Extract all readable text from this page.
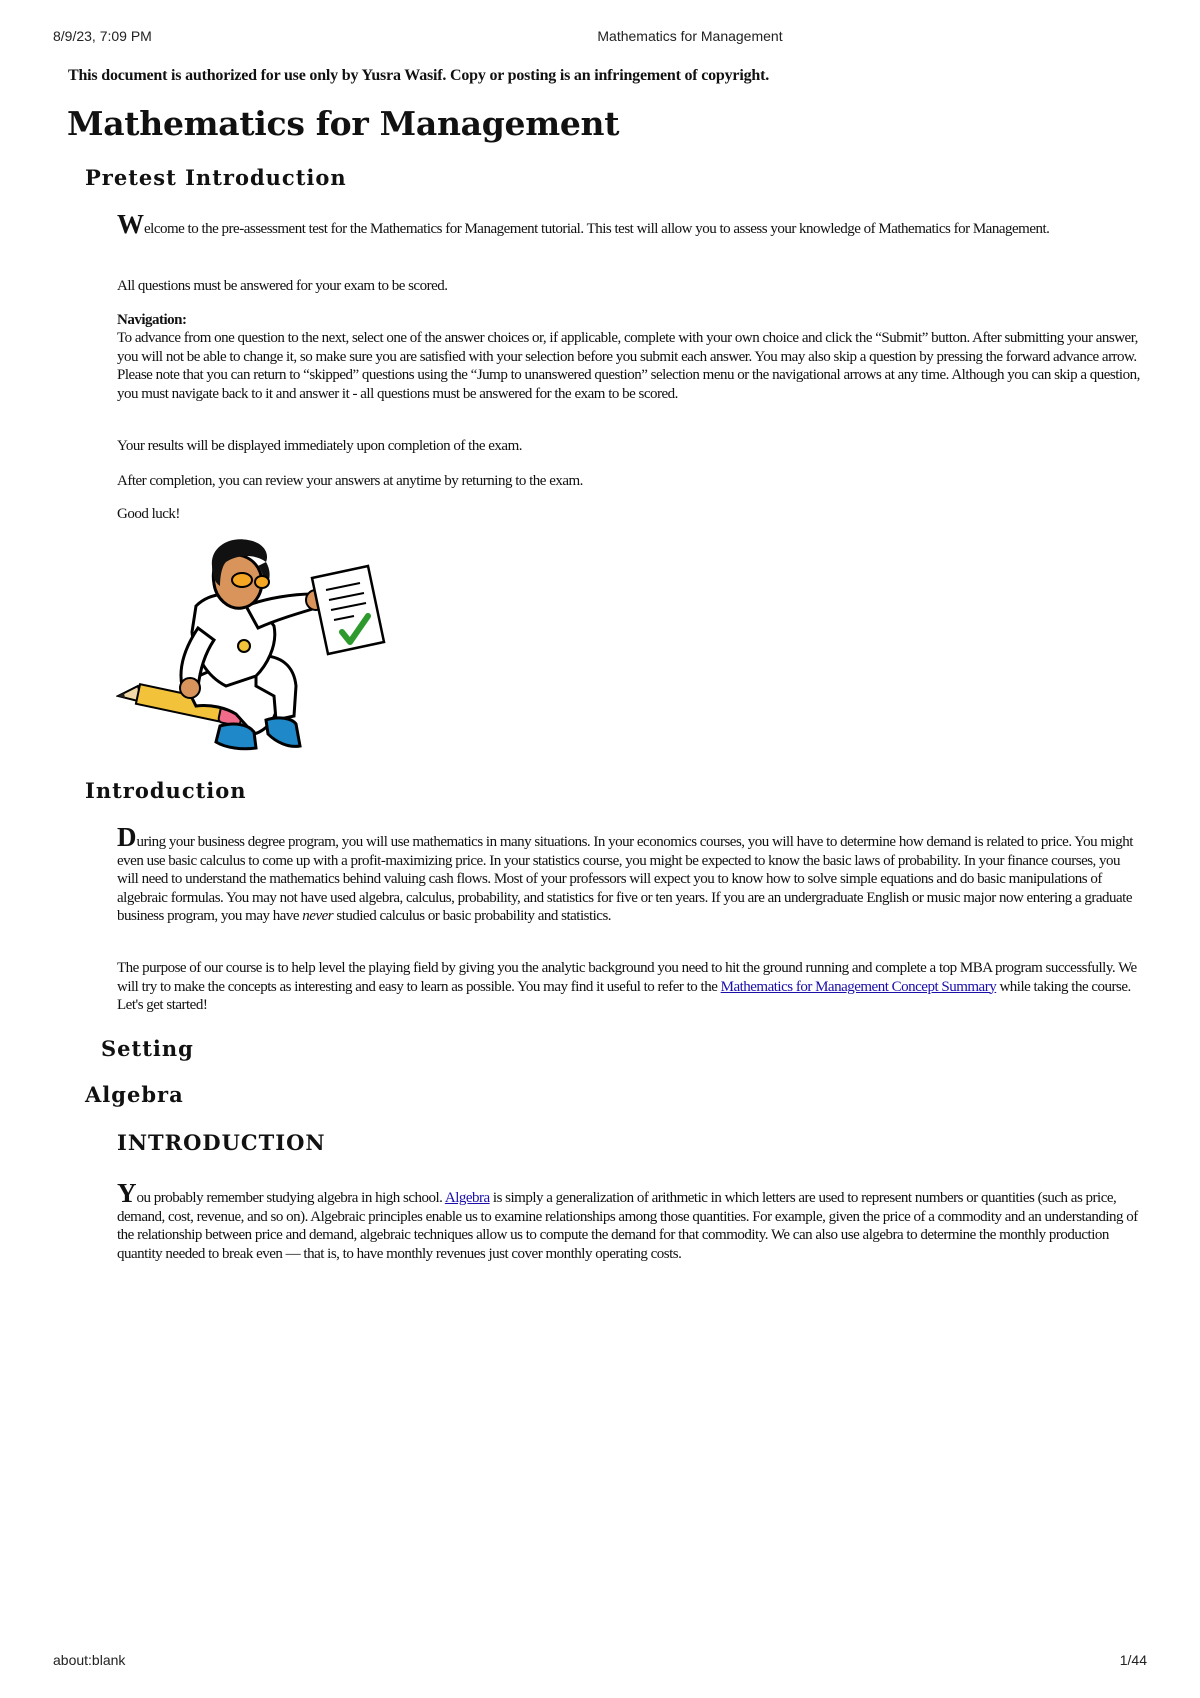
8/9/23, 7:09 PM	Mathematics for Management
This document is authorized for use only by Yusra Wasif. Copy or posting is an infringement of copyright.
Mathematics for Management
Pretest Introduction

Welcome to the pre-assessment test for the Mathematics for Management tutorial. This test will allow you to assess your knowledge of Mathematics for Management.

All questions must be answered for your exam to be scored.

Navigation:

To advance from one question to the next, select one of the answer choices or, if applicable, complete with your own choice and click the “Submit” button. After submitting your answer, you will not be able to change it, so make sure you are satisfied with your selection before you submit each answer. You may also skip a question by pressing the forward advance arrow. Please note that you can return to “skipped” questions using the “Jump to unanswered question” selection menu or the navigational arrows at any time. Although you can skip a question, you must navigate back to it and answer it - all questions must be answered for the exam to be scored.

Your results will be displayed immediately upon completion of the exam.

After completion, you can review your answers at anytime by returning to the exam.

Good luck!

Introduction

During your business degree program, you will use mathematics in many situations. In your economics courses, you will have to determine how demand is related to price. You might even use basic calculus to come up with a profit-maximizing price. In your statistics course, you might be expected to know the basic laws of probability. In your finance courses, you will need to understand the mathematics behind valuing cash flows. Most of your professors will expect you to know how to solve simple equations and do basic manipulations of algebraic formulas. You may not have used algebra, calculus, probability, and statistics for five or ten years. If you are an undergraduate English or music major now entering a graduate business program, you may have never studied calculus or basic probability and statistics.

The purpose of our course is to help level the playing field by giving you the analytic background you need to hit the ground running and complete a top MBA program successfully. We will try to make the concepts as interesting and easy to learn as possible. You may find it useful to refer to the Mathematics for Management Concept Summary while taking the course. Let's get started!

Setting
Algebra
INTRODUCTION

You probably remember studying algebra in high school. Algebra is simply a generalization of arithmetic in which letters are used to represent numbers or quantities (such as price, demand, cost, revenue, and so on). Algebraic principles enable us to examine relationships among those quantities. For example, given the price of a commodity and an understanding of the relationship between price and demand, algebraic techniques allow us to compute the demand for that commodity. We can also use algebra to determine the monthly production quantity needed to break even — that is, to have monthly revenues just cover monthly operating costs.

about:blank	1/44
